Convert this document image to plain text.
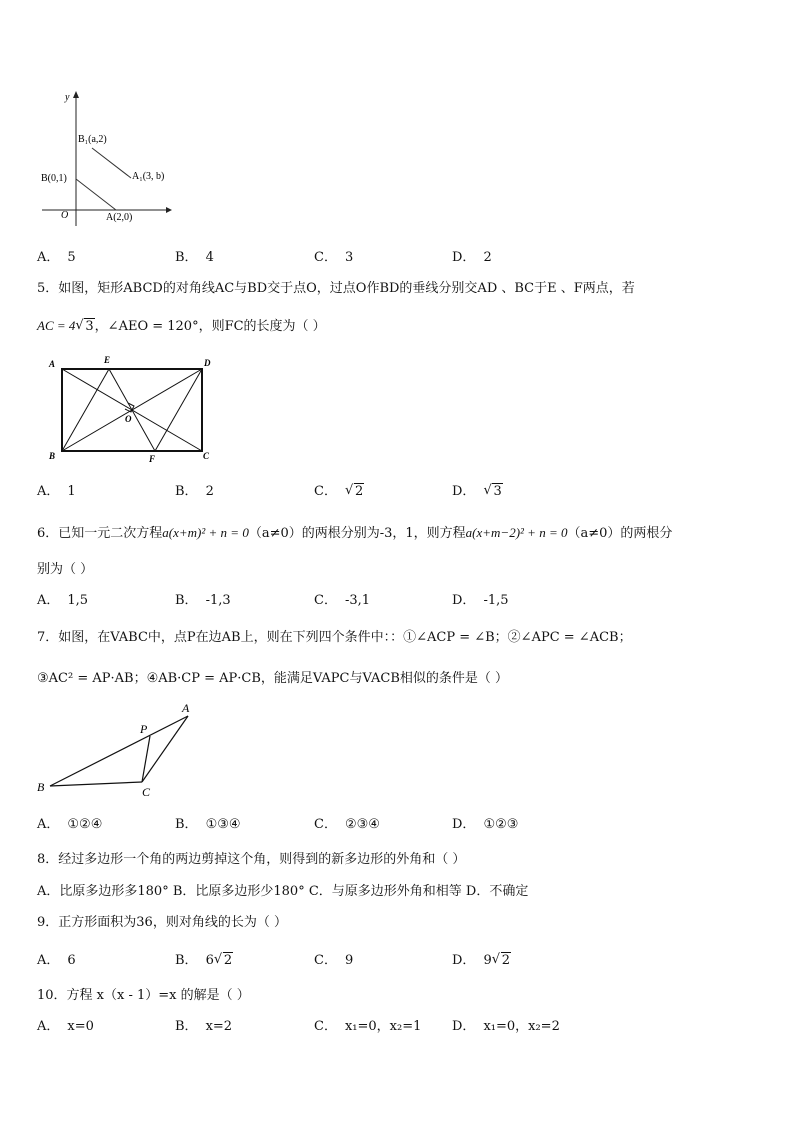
y
O
B(0,1)
A(2,0)
B₁(a,2)
A₁(3, b)
A． 5	B． 4	C． 3	D． 2
5．如图，矩形ABCD的对角线AC与BD交于点O，过点O作BD的垂线分别交AD 、BC于E 、F两点，若
AC = 4 √ 3，∠AEO = 120°，则FC的长度为（ ）
A	E	D
O
B	F	C
A． 1	B． 2	C． √ 2	D． √ 3
6．已知一元二次方程a(x+m)² + n = 0（a≠0）的两根分别为-3，1，则方程a(x+m−2)² + n = 0（a≠0）的两根分
别为（ ）
A． 1,5	B． -1,3	C． -3,1	D． -1,5
7．如图，在VABC中，点P在边AB上，则在下列四个条件中：：①∠ACP = ∠B；②∠APC = ∠ACB；
③AC² = AP·AB；④AB·CP = AP·CB，能满足VAPC与VACB相似的条件是（ ）
A
P
B	C
A． ①②④	B． ①③④	C． ②③④	D． ①②③
8．经过多边形一个角的两边剪掉这个角，则得到的新多边形的外角和（ ）
A．比原多边形多180° B．比原多边形少180° C．与原多边形外角和相等 D．不确定
9．正方形面积为36，则对角线的长为（ ）
A． 6	B． 6 √ 2	C． 9	D． 9 √ 2
10．方程 x（x - 1）=x 的解是（ ）
A． x=0	B． x=2	C． x₁=0，x₂=1 D． x₁=0，x₂=2
